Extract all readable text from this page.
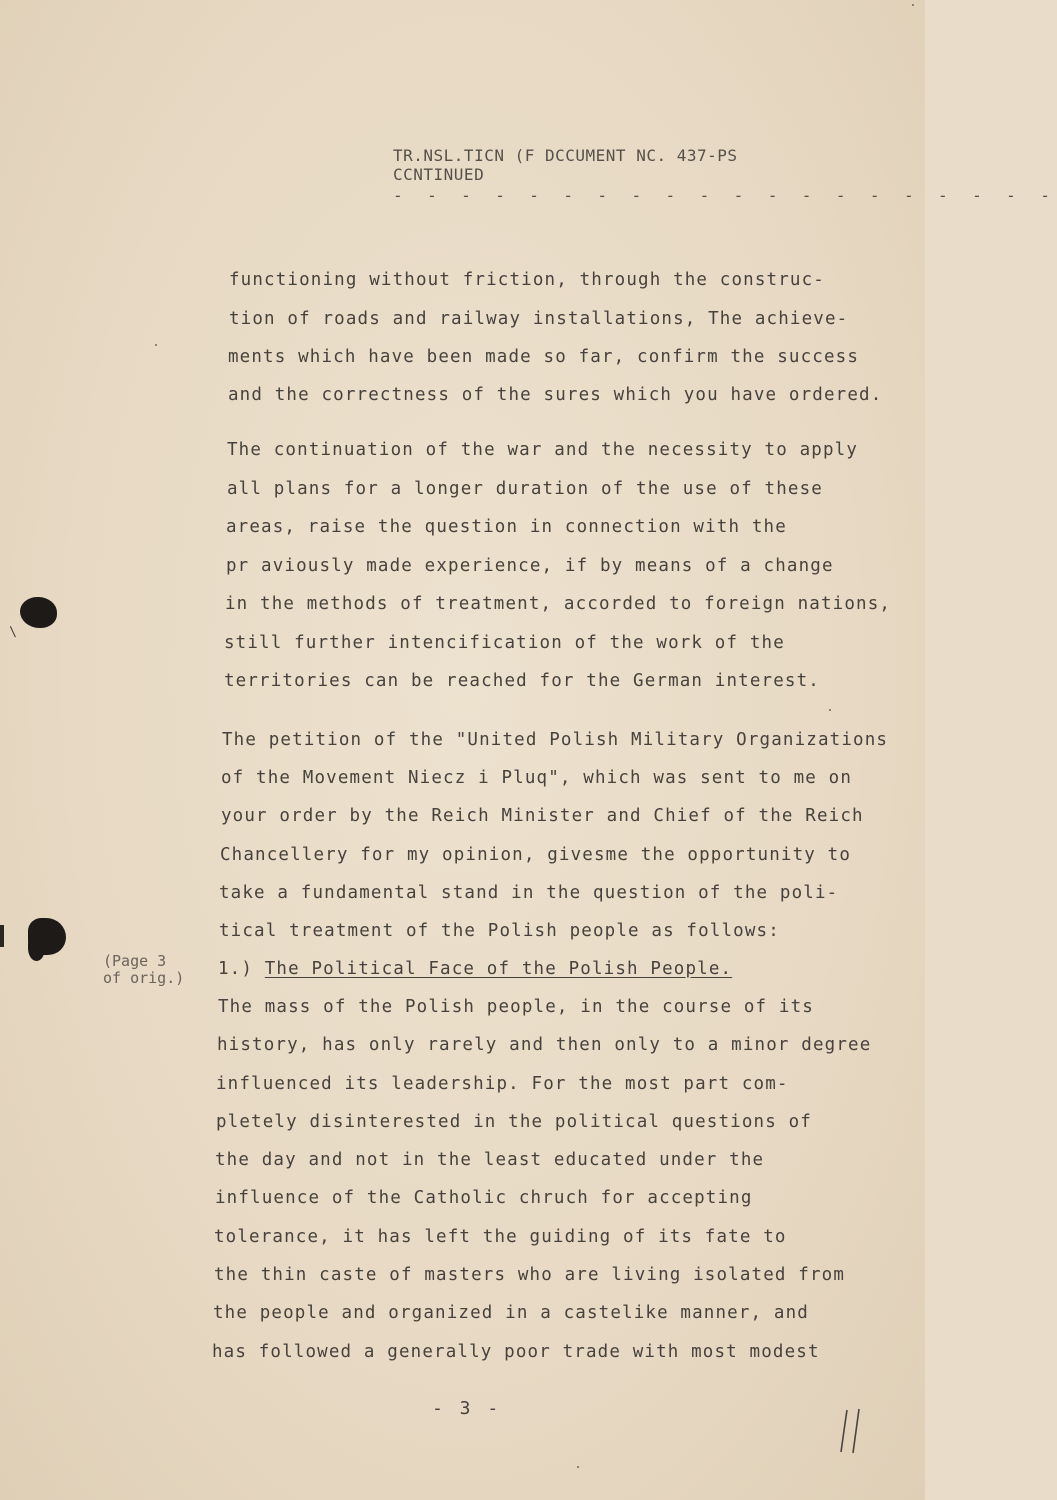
TR.NSL.TICN (F DCCUMENT NC. 437-PS
CCNTINUED
- - - - - - - - - - - - - - - - - - - -
functioning without friction, through the construc-
tion of roads and railway installations, The achieve-
ments which have been made so far, confirm the success
and the correctness of the sures which you have ordered.
The continuation of the war and the necessity to apply
all plans for a longer duration of the use of these
areas, raise the question in connection with the
pr aviously made experience, if by means of a change
in the methods of treatment, accorded to foreign nations,
still further intencification of the work of the
territories can be reached for the German interest.
The petition of the "United Polish Military Organizations
of the Movement Niecz i Pluq", which was sent to me on
your order by the Reich Minister and Chief of the Reich
Chancellery for my opinion, givesme the opportunity to
take a fundamental stand in the question of the poli-
tical treatment of the Polish people as follows:
1.) The Political Face of the Polish People.
The mass of the Polish people, in the course of its
history, has only rarely and then only to a minor degree
influenced its leadership. For the most part com-
pletely disinterested in the political questions of
the day and not in the least educated under the
influence of the Catholic chruch for accepting
tolerance, it has left the guiding of its fate to
the thin caste of masters who are living isolated from
the people and organized in a castelike manner, and
has followed a generally poor trade with most modest
(Page 3
of orig.)
- 3 -
